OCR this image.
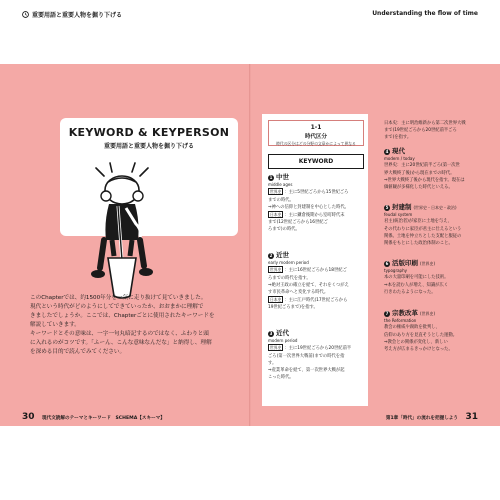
重要用語と重要人物を掘り下げる	Understanding the flow of time
KEYWORD & KEYPERSON
重要用語と重要人物を掘り下げる
このChapterでは、約1500年分を一気に走り抜けて見ていきました。
現代という時代がどのようにしてできていったか、おおまかに理解で
きましたでしょうか。ここでは、Chapterごとに使用されたキーワードを
解説していきます。
キーワードとその意味は、一字一句丸暗記するのではなく、ふわりと頭
に入れるのがコツです。「ふーん、こんな意味なんだな」と納得し、理解
を深める目的で読んでみてください。
30 現代文読解のテーマとキーワード　SCHEMA【スキーマ】
1-1
時代区分
時代の区分はどの分野の文章かによって異なる
KEYWORD
1 中世
middle ages
世界史 ：主に5世紀ごろから15世紀ごろ
までの時代。
⇒神への信仰と封建制を中心とした時代。
日本史 ：主に鎌倉後期から室町時代末
まで(12世紀ごろから16世紀ご
ろまで)の時代。
2 近世
early modern period
世界史 ：主に16世紀ごろから18世紀ご
ろまでの時代を指す。
⇒絶対王政の確立を経て、それをくつがえ
す市民革命へと変化する時代。
日本史 ：主に江戸時代(17世紀ごろから
19世紀ごろまで)を指す。
3 近代
modern period
世界史 ：主に19世紀ごろから20世紀前半
ごろ(第一次世界大戦前)までの時代を指
す。
⇒産業革命を経て、第一次世界大戦が起
こった時代。
日本史：主に明治維新から第二次世界大戦
まで(19世紀ごろから20世紀前半ごろ
まで)を指す。
4 現代
modern / today
世界史：主に20世紀前半ごろ(第一次世
界大戦終了後)から現在までの時代。
⇒世界大戦終了後から現代を指す。現在は
価値観が多様化した時代といえる。
5 封建制 (世界史・日本史・政治)
feudal system
君主(統治者)が家臣に土地を与え、
その代わりに家臣が君主に仕えるという
関係。土地を仲立ちとした支配と服従の
関係をもとにした政治体制のこと。
6 活版印刷 (世界史)
typography
本の大量印刷を可能にした技術。
⇒本を読む人が増え、知識が広く
行きわたるようになった。
7 宗教改革 (世界史)
the Reformation
教会の権威や腐敗を批判し、
信仰のあり方を見直そうとした運動。
⇒教会との関係が変化し、新しい
考え方が広まるきっかけとなった。
31
第1章「時代」の流れを把握しよう
